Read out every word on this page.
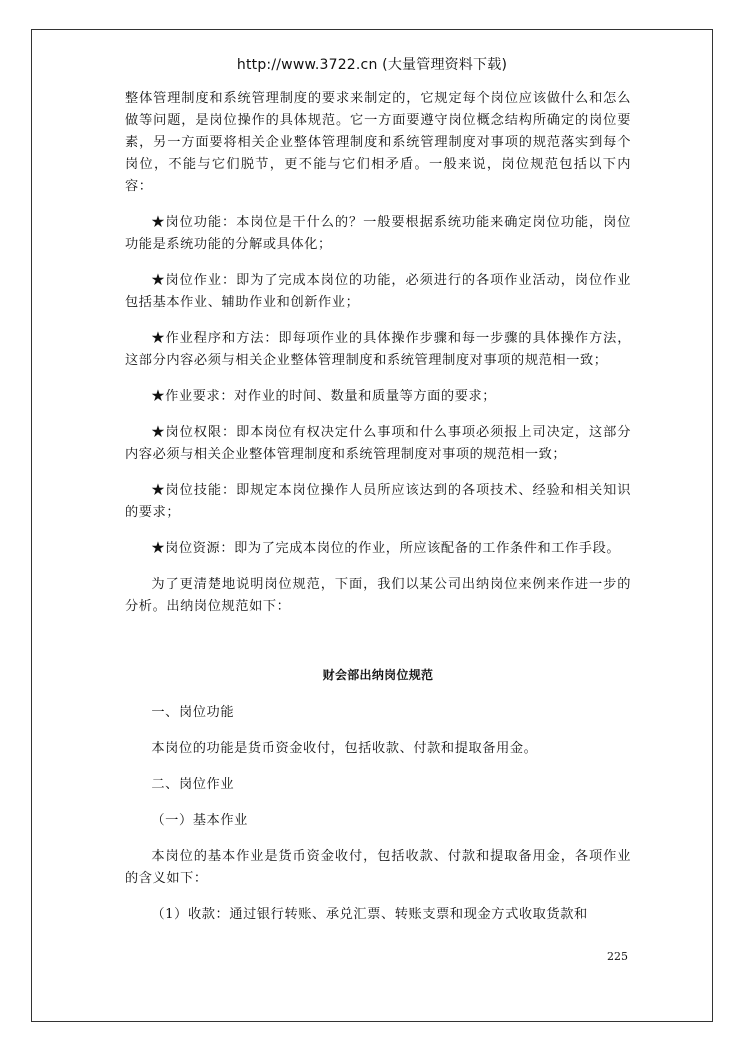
http://www.3722.cn (大量管理资料下载)

整体管理制度和系统管理制度的要求来制定的，它规定每个岗位应该做什么和怎么做等问题，是岗位操作的具体规范。它一方面要遵守岗位概念结构所确定的岗位要素，另一方面要将相关企业整体管理制度和系统管理制度对事项的规范落实到每个岗位，不能与它们脱节，更不能与它们相矛盾。一般来说，岗位规范包括以下内容：

★岗位功能：本岗位是干什么的？一般要根据系统功能来确定岗位功能，岗位功能是系统功能的分解或具体化；

★岗位作业：即为了完成本岗位的功能，必须进行的各项作业活动，岗位作业包括基本作业、辅助作业和创新作业；

★作业程序和方法：即每项作业的具体操作步骤和每一步骤的具体操作方法，这部分内容必须与相关企业整体管理制度和系统管理制度对事项的规范相一致；

★作业要求：对作业的时间、数量和质量等方面的要求；

★岗位权限：即本岗位有权决定什么事项和什么事项必须报上司决定，这部分内容必须与相关企业整体管理制度和系统管理制度对事项的规范相一致；

★岗位技能：即规定本岗位操作人员所应该达到的各项技术、经验和相关知识的要求；

★岗位资源：即为了完成本岗位的作业，所应该配备的工作条件和工作手段。

为了更清楚地说明岗位规范，下面，我们以某公司出纳岗位来例来作进一步的分析。出纳岗位规范如下：

财会部出纳岗位规范

一、岗位功能

本岗位的功能是货币资金收付，包括收款、付款和提取备用金。

二、岗位作业

（一）基本作业

本岗位的基本作业是货币资金收付，包括收款、付款和提取备用金，各项作业的含义如下：

（1）收款：通过银行转账、承兑汇票、转账支票和现金方式收取货款和

225
